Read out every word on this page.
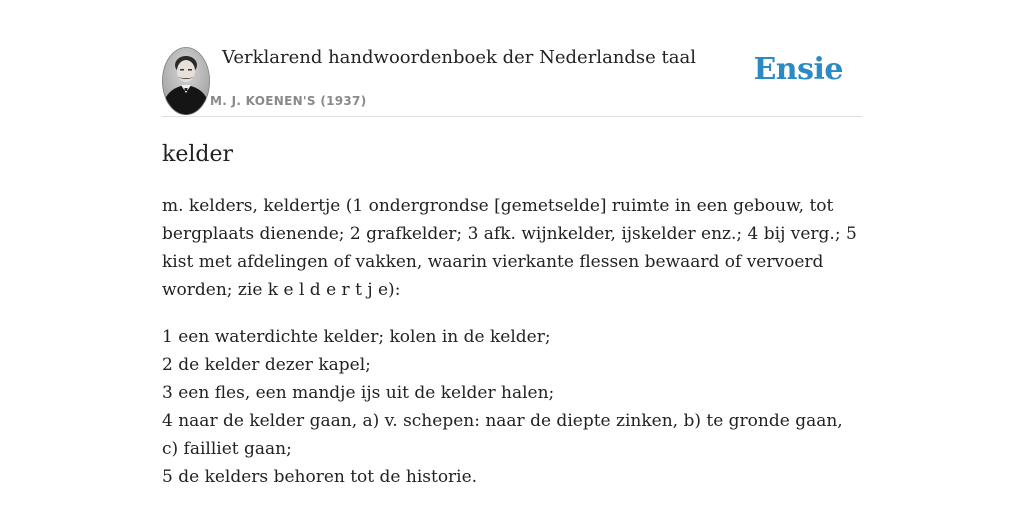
Verklarend handwoordenboek der Nederlandse taal
M. J. KOENEN'S (1937)
Ensie
kelder

m. kelders, keldertje (1 ondergrondse [gemetselde] ruimte in een gebouw, tot bergplaats dienende; 2 grafkelder; 3 afk. wijnkelder, ijskelder enz.; 4 bij verg.; 5 kist met afdelingen of vakken, waarin vierkante flessen bewaard of vervoerd worden; zie k e l d e r t j e):

1 een waterdichte kelder; kolen in de kelder;
2 de kelder dezer kapel;
3 een fles, een mandje ijs uit de kelder halen;
4 naar de kelder gaan, a) v. schepen: naar de diepte zinken, b) te gronde gaan, c) failliet gaan;
5 de kelders behoren tot de historie.
